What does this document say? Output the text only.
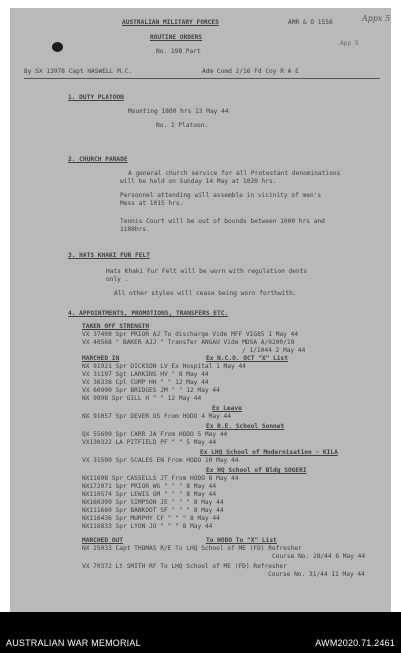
AUSTRALIAN MILITARY FORCES	AMR & O 1558	Appx 5
App 5
ROUTINE ORDERS
No. 198 Part
By SX 13978 Capt HASWELL M.C.	Adm Comd 2/16 Fd Coy R A E
1. DUTY PLATOON
Mounting 1800 hrs 13 May 44
No. 1 Platoon.
2. CHURCH PARADE
A general church service for all Protestant denominations
will be held on Sunday 14 May at 1020 hrs.
Personnel attending will assemble in vicinity of men's
Mess at 1015 hrs.
Tennis Court will be out of bounds between 1000 hrs and
1100hrs.
3. HATS KHAKI FUR FELT
Hats Khaki Fur Felt will be worn with regulation dents
only .
All other styles will cease being worn forthwith.
4. APPOINTMENTS, PROMOTIONS, TRANSFERS ETC.
TAKEN OFF STRENGTH
VX 37408 Spr PRIOR AJ To discharge Vide MFF VIG85 1 May 44
VX 40568 " BAKER AJJ " Transfer ANGAU Vide MDSA A/0200/19
/ 1/1044 2 May 44
MARCHED IN	Ex N.C.O. OCT "X" List
NX 91921 Spr DICKSON LV Ex Hospital 1 May 44
VX 31197 Sgt LARKINS HV " 8 May 44
VX 36338 Cpl CUMP HH " " 12 May 44
VX 60900 Spr BRIDGES JM " " 12 May 44
NX 9898 Spr GILL H " " 12 May 44
Ex Leave
NX 91057 Spr DEVER OS From HODO 4 May 44
Ex R.E. School Sonnet
QX 55699 Spr CARR JA From HODO 5 May 44
VX130322 LA PITFIELD PF " " 5 May 44
Ex LHQ School of Modernisation - KILA
VX 31509 Spr SCALES EN From HODO 10 May 44
Ex HQ School of Bldg SOGERI
NX11698 Spr CASSELLS JT From HODO 8 May 44
NX172071 Spr PRIOR WG " " " 8 May 44
NX110574 Spr LEWIS GM " " " 8 May 44
NX160399 Spr SIMPSON JE " " " 8 May 44
NX111660 Spr BANKOOT SF " " " 8 May 44
NX116436 Spr MURPHY CF " " " 8 May 44
NX116833 Spr LYON JO " " " 8 May 44
MARCHED OUT	To HODO To "X" List
NX 25033 Capt THOMAS R/E To LHQ School of ME (FD) Refresher
Course No. 28/44 6 May 44
VX 70372 Lt SMITH RF To LHQ School of ME (FD) Refresher
Course No. 31/44 11 May 44
AUSTRALIAN WAR MEMORIAL	AWM2020.71.2461
